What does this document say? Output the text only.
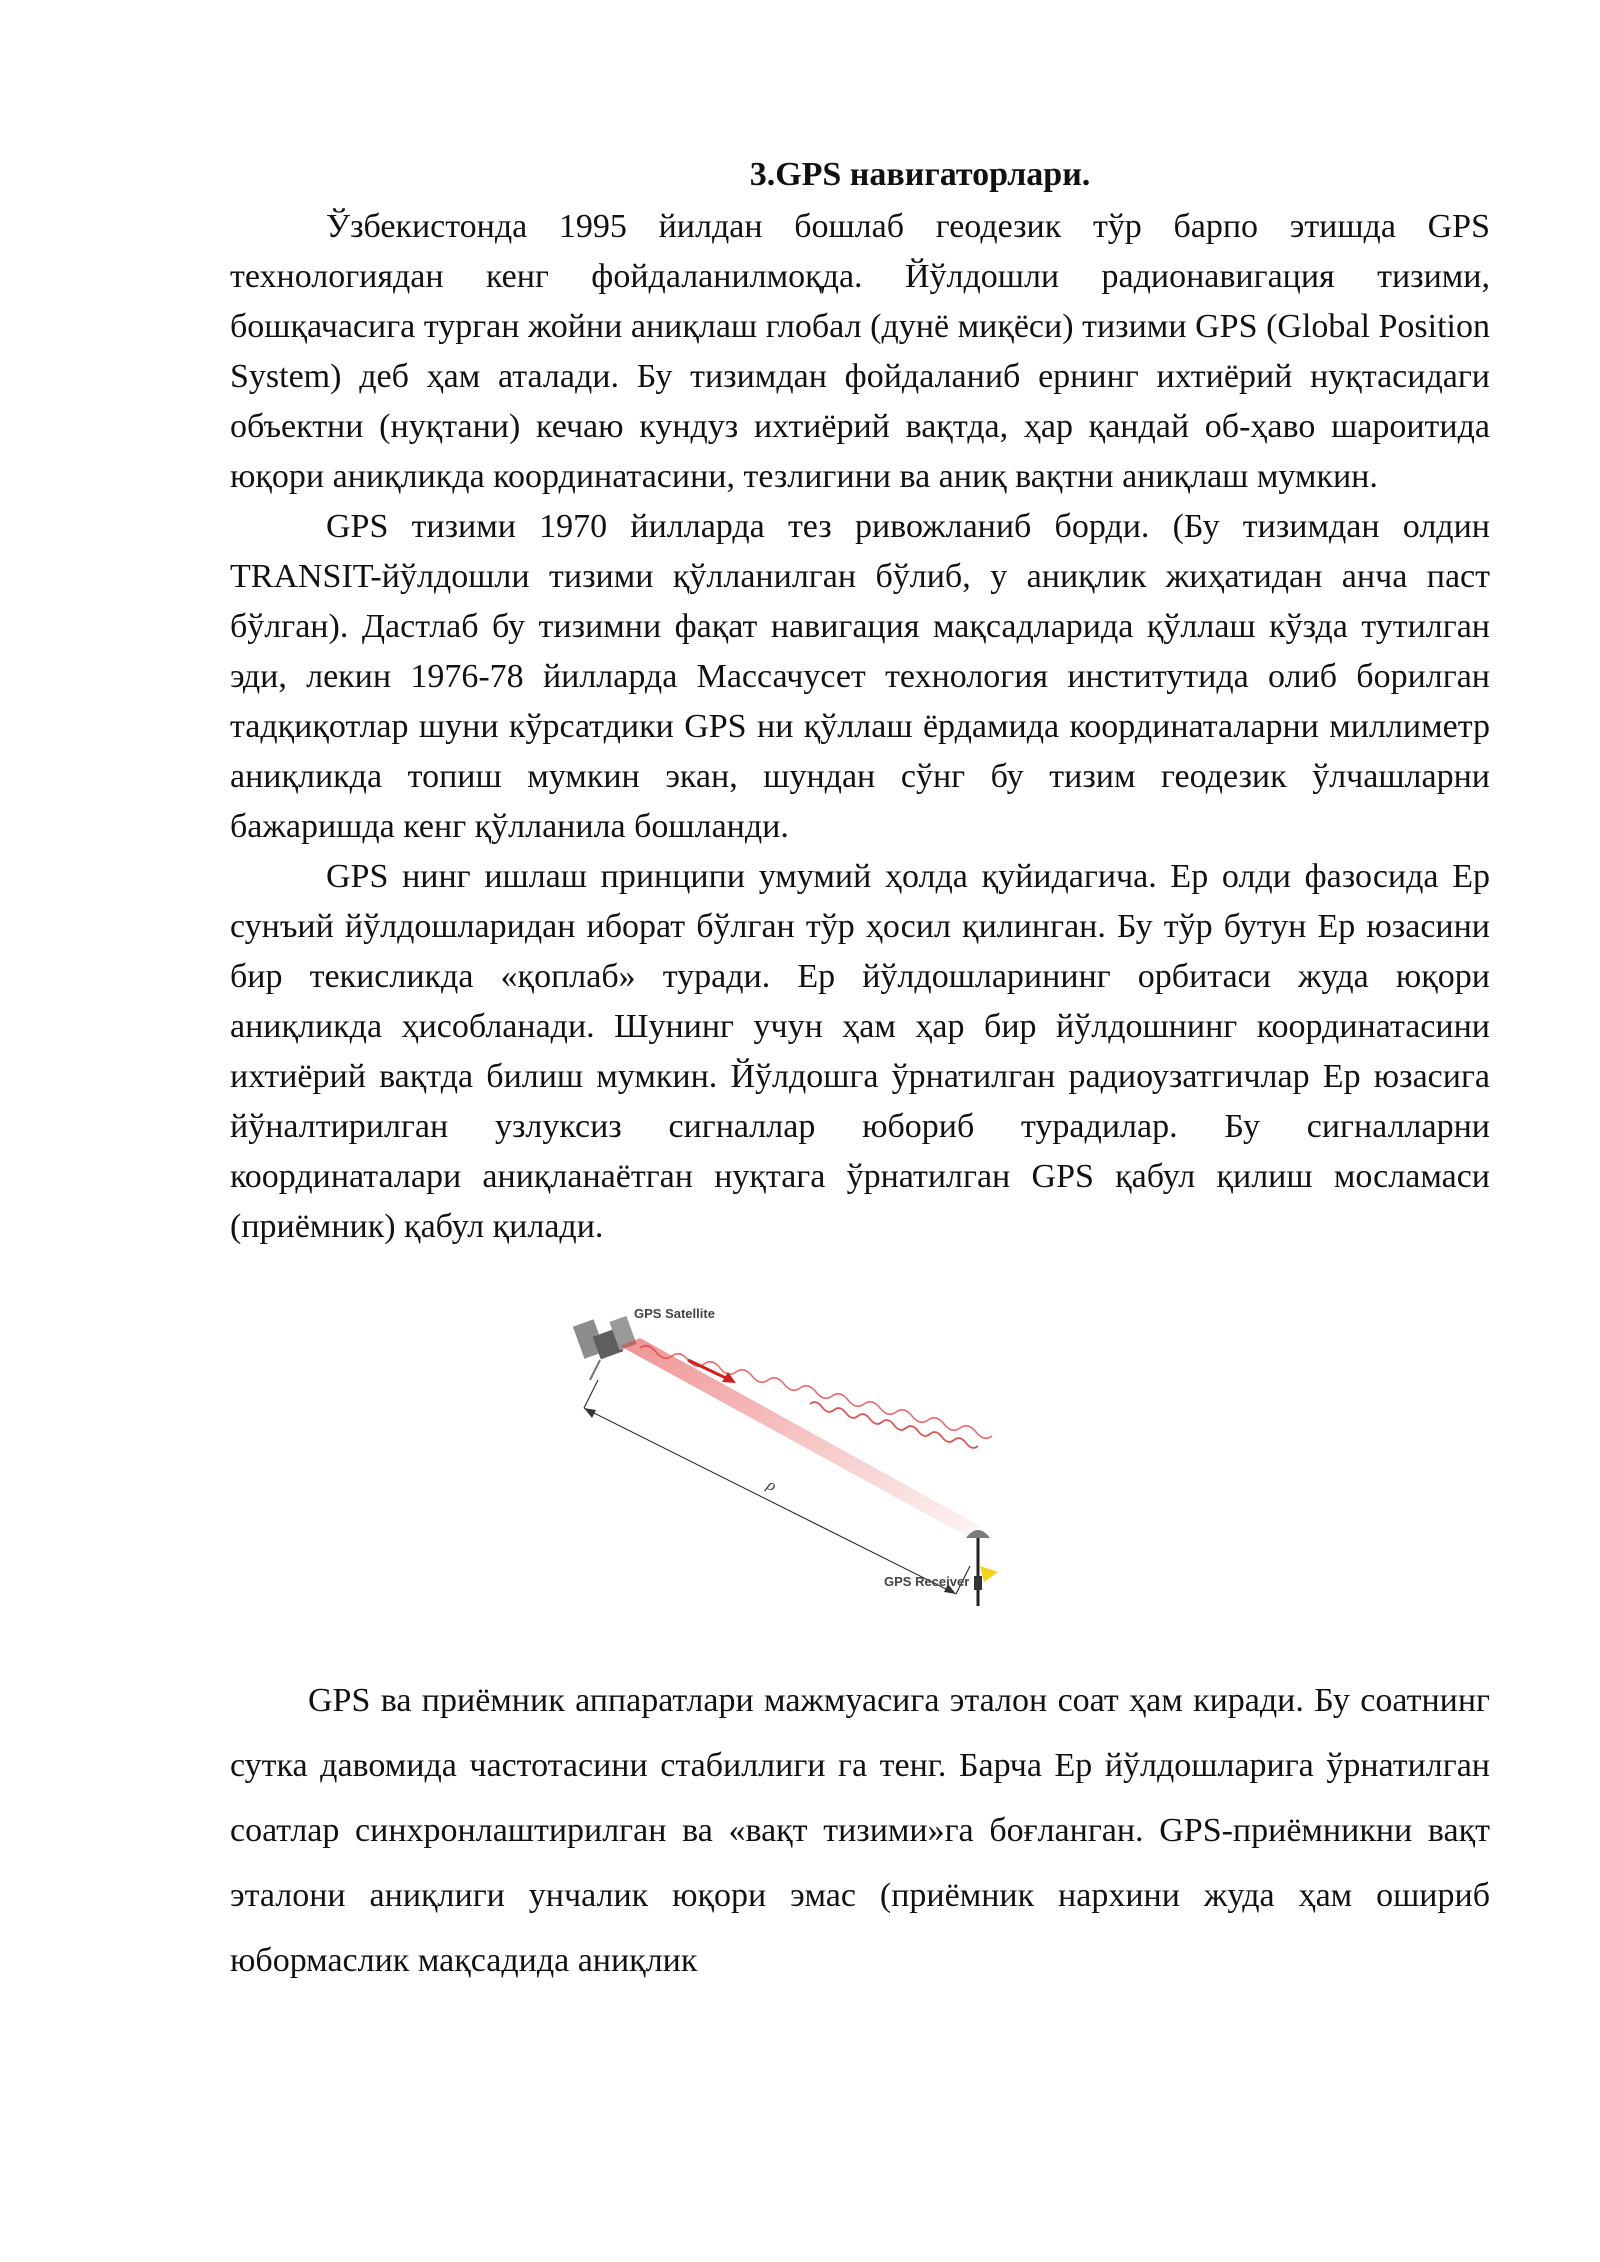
3.GPS навигаторлари.

Ўзбекистонда 1995 йилдан бошлаб геодезик тўр барпо этишда GPS технологиядан кенг фойдаланилмоқда. Йўлдошли радионавигация тизими, бошқачасига турган жойни аниқлаш глобал (дунё миқёси) тизими GPS (Global Position System) деб ҳам аталади. Бу тизимдан фойдаланиб ернинг ихтиёрий нуқтасидаги объектни (нуқтани) кечаю кундуз ихтиёрий вақтда, ҳар қандай об-ҳаво шароитида юқори аниқликда координатасини, тезлигини ва аниқ вақтни аниқлаш мумкин.

GPS тизими 1970 йилларда тез ривожланиб борди. (Бу тизимдан олдин TRANSIT-йўлдошли тизими қўлланилган бўлиб, у аниқлик жиҳатидан анча паст бўлган). Дастлаб бу тизимни фақат навигация мақсадларида қўллаш кўзда тутилган эди, лекин 1976-78 йилларда Массачусет технология институтида олиб борилган тадқиқотлар шуни кўрсатдики GPS ни қўллаш ёрдамида координаталарни миллиметр аниқликда топиш мумкин экан, шундан сўнг бу тизим геодезик ўлчашларни бажаришда кенг қўлланила бошланди.

GPS нинг ишлаш принципи умумий ҳолда қуйидагича. Ер олди фазосида Ер сунъий йўлдошларидан иборат бўлган тўр ҳосил қилинган. Бу тўр бутун Ер юзасини бир текисликда «қоплаб» туради. Ер йўлдошларининг орбитаси жуда юқори аниқликда ҳисобланади. Шунинг учун ҳам ҳар бир йўлдошнинг координатасини ихтиёрий вақтда билиш мумкин. Йўлдошга ўрнатилган радиоузатгичлар Ер юзасига йўналтирилган узлуксиз сигналлар юбориб турадилар. Бу сигналларни координаталари аниқланаётган нуқтага ўрнатилган GPS қабул қилиш мосламаси (приёмник) қабул қилади.

ρ
GPS Satellite
GPS Receiver

GPS ва приёмник аппаратлари мажмуасига эталон соат ҳам киради. Бу соатнинг сутка давомида частотасини стабиллиги га тенг. Барча Ер йўлдошларига ўрнатилган соатлар синхронлаштирилган ва «вақт тизими»га боғланган. GPS-приёмникни вақт эталони аниқлиги унчалик юқори эмас (приёмник нархини жуда ҳам ошириб юбормаслик мақсадида аниқлик
